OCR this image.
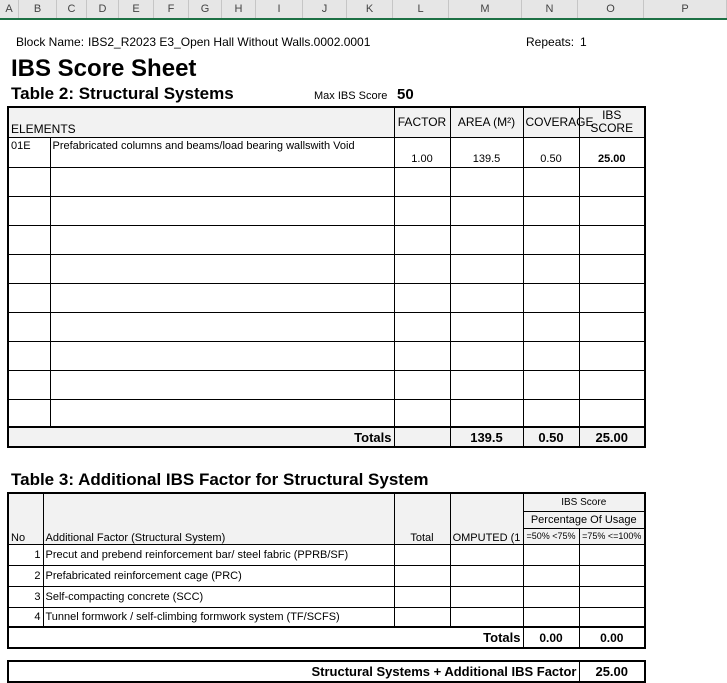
A	B	C	D	E	F	G	H	I	J	K	L	M	N	O	P
Block Name: IBS2_R2023 E3_Open Hall Without Walls.0002.0001	Repeats: 1
IBS Score Sheet
Table 2: Structural Systems	Max IBS Score 50
ELEMENTS		FACTOR	AREA (M²)	COVERAGE	IBS SCORE
01E	Prefabricated columns and beams/load bearing wallswith Void	1.00	139.5	0.50	25.00

Totals			139.5	0.50	25.00
Table 3: Additional IBS Factor for Structural System
No	Additional Factor (Structural System)	Total	OMPUTED (1	IBS Score	
				Percentage Of Usage	
				=50% <75%	=75% <=100%
1	Precut and prebend reinforcement bar/ steel fabric (PPRB/SF)				
2	Prefabricated reinforcement cage (PRC)				
3	Self-compacting concrete (SCC)				
4	Tunnel formwork / self-climbing formwork system (TF/SCFS)				
Totals				0.00	0.00
Structural Systems + Additional IBS Factor	25.00
